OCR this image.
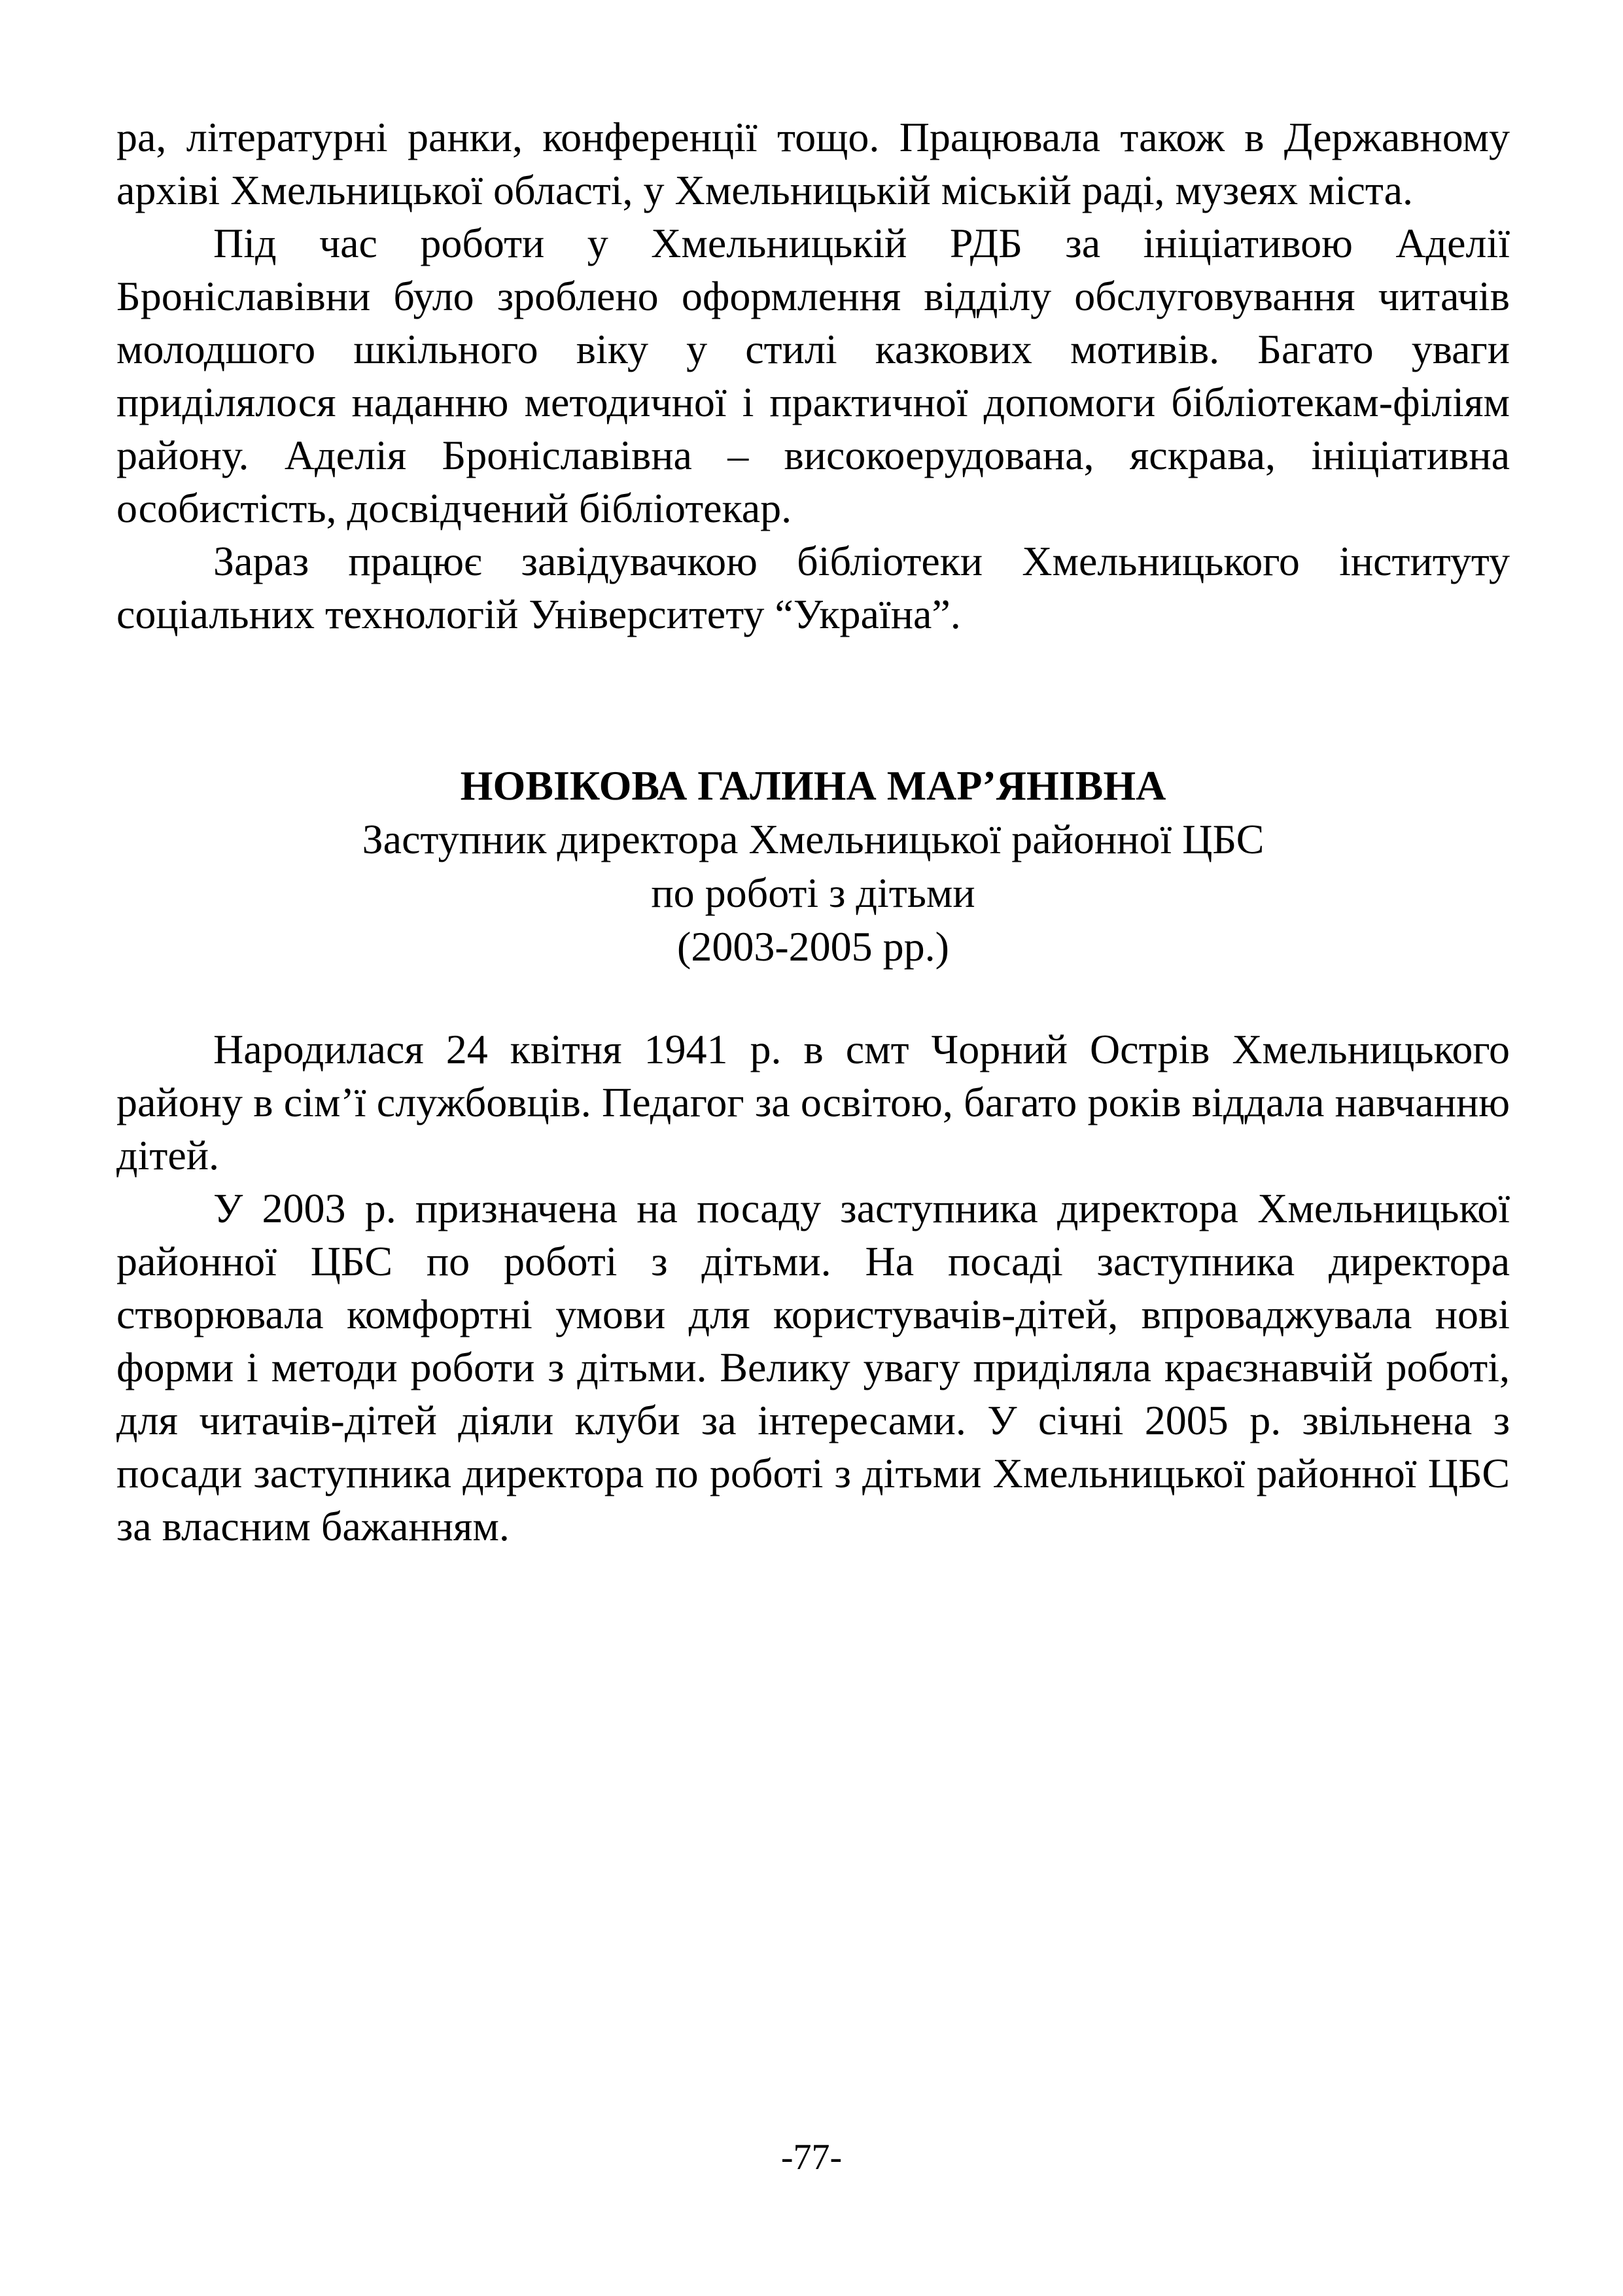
ра, літературні ранки, конференції тощо. Працювала також в Державному архіві Хмельницької області, у Хмельницькій міській раді, музеях міста.

Під час роботи у Хмельницькій РДБ за ініціативою Аделії Броніславівни було зроблено оформлення відділу обслуговування читачів молодшого шкільного віку у стилі казкових мотивів. Багато уваги приділялося наданню методичної і практичної допомоги бібліотекам-філіям району. Аделія Броніславівна – високоерудована, яскрава, ініціативна особистість, досвідчений бібліотекар.

Зараз працює завідувачкою бібліотеки Хмельницького інституту соціальних технологій Університету “Україна”.

НОВІКОВА ГАЛИНА МАР’ЯНІВНА
Заступник директора Хмельницької районної ЦБС
по роботі з дітьми
(2003-2005 рр.)

Народилася 24 квітня 1941 р. в смт Чорний Острів Хмельницького району в сім’ї службовців. Педагог за освітою, багато років віддала навчанню дітей.

У 2003 р. призначена на посаду заступника директора Хмельницької районної ЦБС по роботі з дітьми. На посаді заступника директора створювала комфортні умови для користувачів-дітей, впроваджувала нові форми і методи роботи з дітьми. Велику увагу приділяла краєзнавчій роботі, для читачів-дітей діяли клуби за інтересами. У січні 2005 р. звільнена з посади заступника директора по роботі з дітьми Хмельницької районної ЦБС за власним бажанням.

-77-
